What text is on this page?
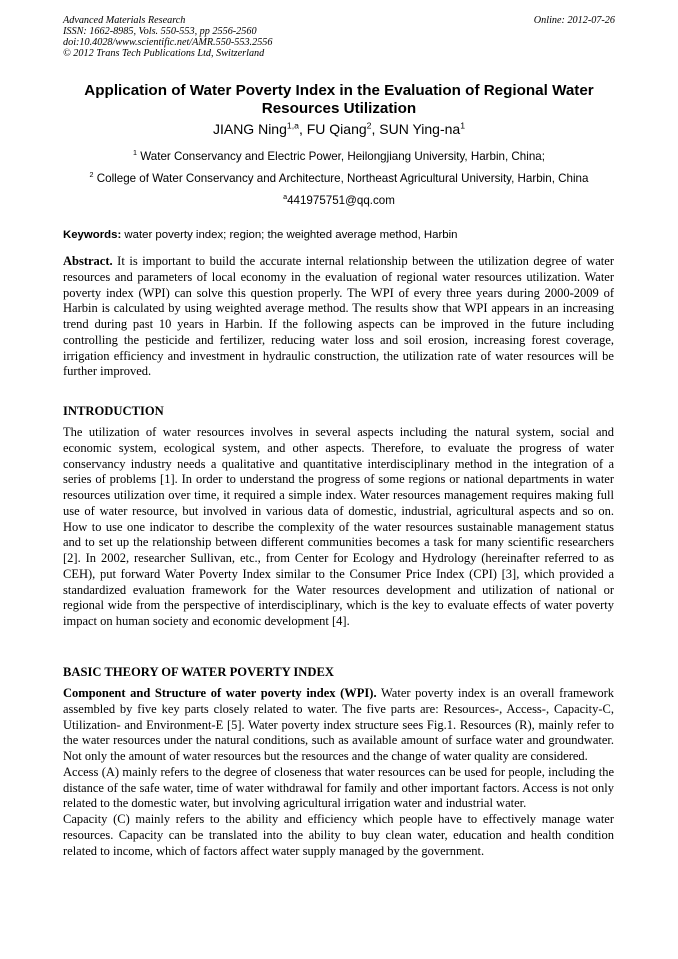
Advanced Materials Research
ISSN: 1662-8985, Vols. 550-553, pp 2556-2560
doi:10.4028/www.scientific.net/AMR.550-553.2556
© 2012 Trans Tech Publications Ltd, Switzerland
Online: 2012-07-26
Application of Water Poverty Index in the Evaluation of Regional Water Resources Utilization
JIANG Ning$^{1,a}$, FU Qiang$^2$, SUN Ying-$na^1$
$^1$ Water Conservancy and Electric Power, Heilongjiang University, Harbin, China;
$^2$ College of Water Conservancy and Architecture, Northeast Agricultural University, Harbin, China
$^a$441975751@qq.com
Keywords: water poverty index; region; the weighted average method, Harbin

Abstract. It is important to build the accurate internal relationship between the utilization degree of water resources and parameters of local economy in the evaluation of regional water resources utilization. Water poverty index (WPI) can solve this question properly. The WPI of every three years during 2000-2009 of Harbin is calculated by using weighted average method. The results show that WPI appears in an increasing trend during past 10 years in Harbin. If the following aspects can be improved in the future including controlling the pesticide and fertilizer, reducing water loss and soil erosion, increasing forest coverage, irrigation efficiency and investment in hydraulic construction, the utilization rate of water resources will be further improved.

INTRODUCTION

The utilization of water resources involves in several aspects including the natural system, social and economic system, ecological system, and other aspects. Therefore, to evaluate the progress of water conservancy industry needs a qualitative and quantitative interdisciplinary method in the integration of a series of problems [1]. In order to understand the progress of some regions or national departments in water resources utilization over time, it required a simple index. Water resources management requires making full use of water resource, but involved in various data of domestic, industrial, agricultural aspects and so on. How to use one indicator to describe the complexity of the water resources sustainable management status and to set up the relationship between different communities becomes a task for many scientific researchers [2]. In 2002, researcher Sullivan, etc., from Center for Ecology and Hydrology (hereinafter referred to as CEH), put forward Water Poverty Index similar to the Consumer Price Index (CPI) [3], which provided a standardized evaluation framework for the Water resources development and utilization of national or regional wide from the perspective of interdisciplinary, which is the key to evaluate effects of water poverty impact on human society and economic development [4].

BASIC THEORY OF WATER POVERTY INDEX

Component and Structure of water poverty index (WPI). Water poverty index is an overall framework assembled by five key parts closely related to water. The five parts are: Resources-, Access-, Capacity-C, Utilization- and Environment-E [5]. Water poverty index structure sees Fig.1. Resources (R), mainly refer to the water resources under the natural conditions, such as available amount of surface water and groundwater. Not only the amount of water resources but the resources and the change of water quality are considered.

Access (A) mainly refers to the degree of closeness that water resources can be used for people, including the distance of the safe water, time of water withdrawal for family and other important factors. Access is not only related to the domestic water, but involving agricultural irrigation water and industrial water.

Capacity (C) mainly refers to the ability and efficiency which people have to effectively manage water resources. Capacity can be translated into the ability to buy clean water, education and health condition related to income, which of factors affect water supply managed by the government.
